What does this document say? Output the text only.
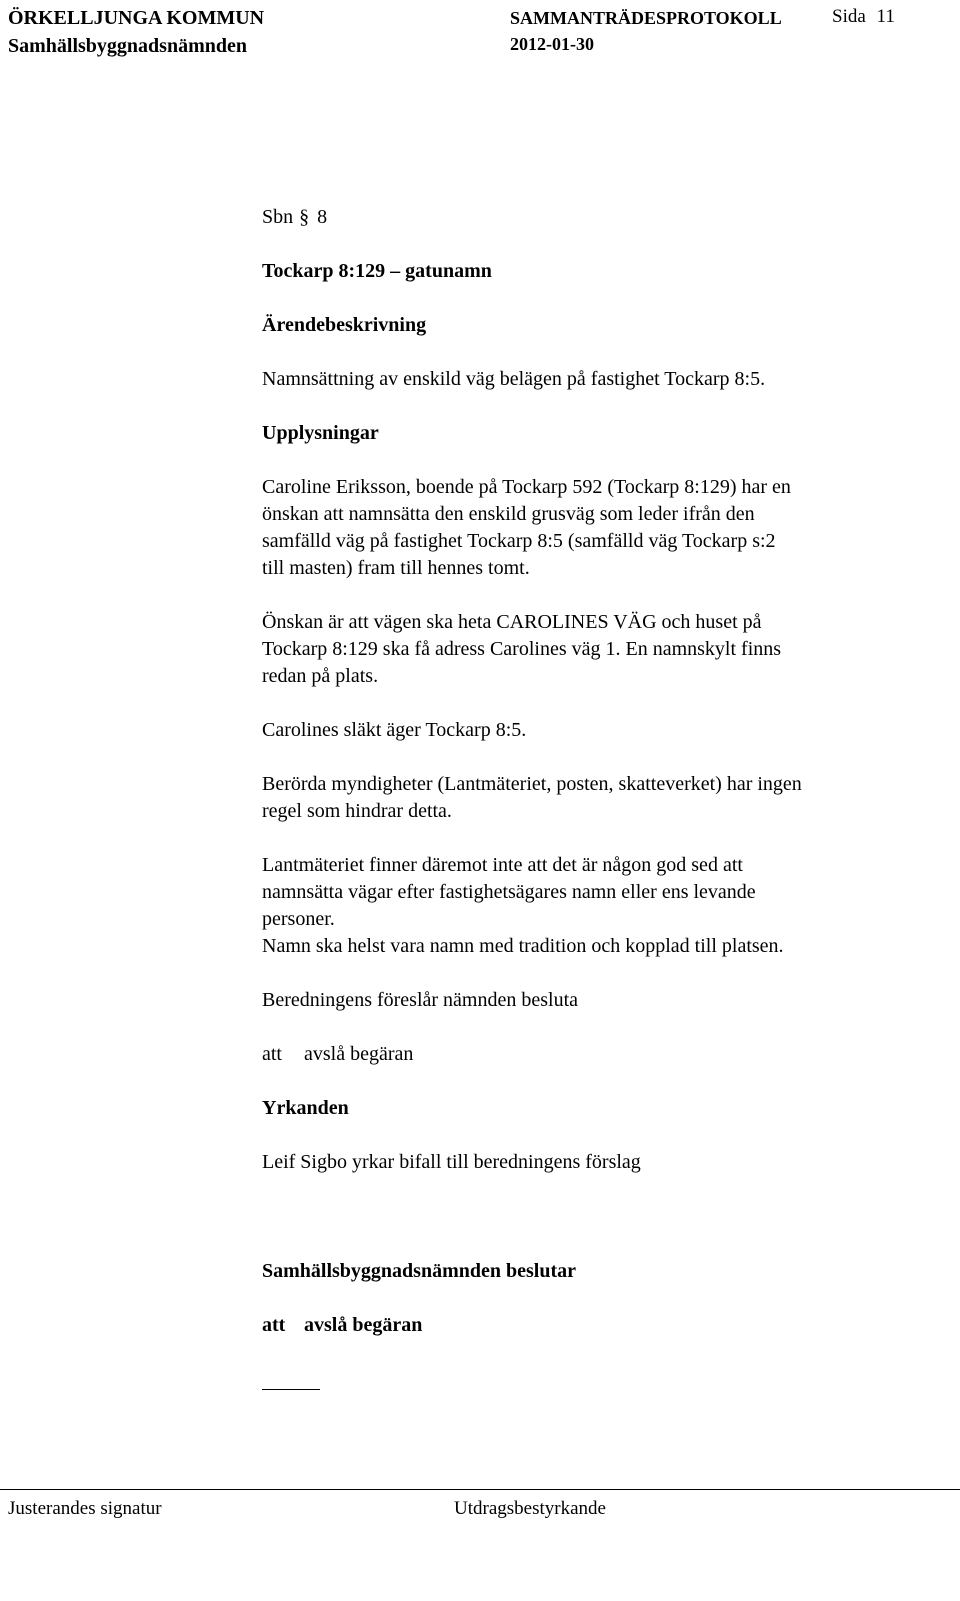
ÖRKELLJUNGA KOMMUN
Samhällsbyggnadsnämnden
SAMMANTRÄDESPROTOKOLL
2012-01-30
Sida 11
Sbn § 8
Tockarp 8:129 – gatunamn
Ärendebeskrivning
Namnsättning av enskild väg belägen på fastighet Tockarp 8:5.
Upplysningar
Caroline Eriksson, boende på Tockarp 592 (Tockarp 8:129) har en
önskan att namnsätta den enskild grusväg som leder ifrån den
samfälld väg på fastighet Tockarp 8:5 (samfälld väg Tockarp s:2
till masten) fram till hennes tomt.
Önskan är att vägen ska heta CAROLINES VÄG och huset på
Tockarp 8:129 ska få adress Carolines väg 1. En namnskylt finns
redan på plats.
Carolines släkt äger Tockarp 8:5.
Berörda myndigheter (Lantmäteriet, posten, skatteverket) har ingen
regel som hindrar detta.
Lantmäteriet finner däremot inte att det är någon god sed att
namnsätta vägar efter fastighetsägares namn eller ens levande
personer.
Namn ska helst vara namn med tradition och kopplad till platsen.
Beredningens föreslår nämnden besluta
att avslå begäran
Yrkanden
Leif Sigbo yrkar bifall till beredningens förslag
Samhällsbyggnadsnämnden beslutar
att avslå begäran
Justerandes signatur	Utdragsbestyrkande
